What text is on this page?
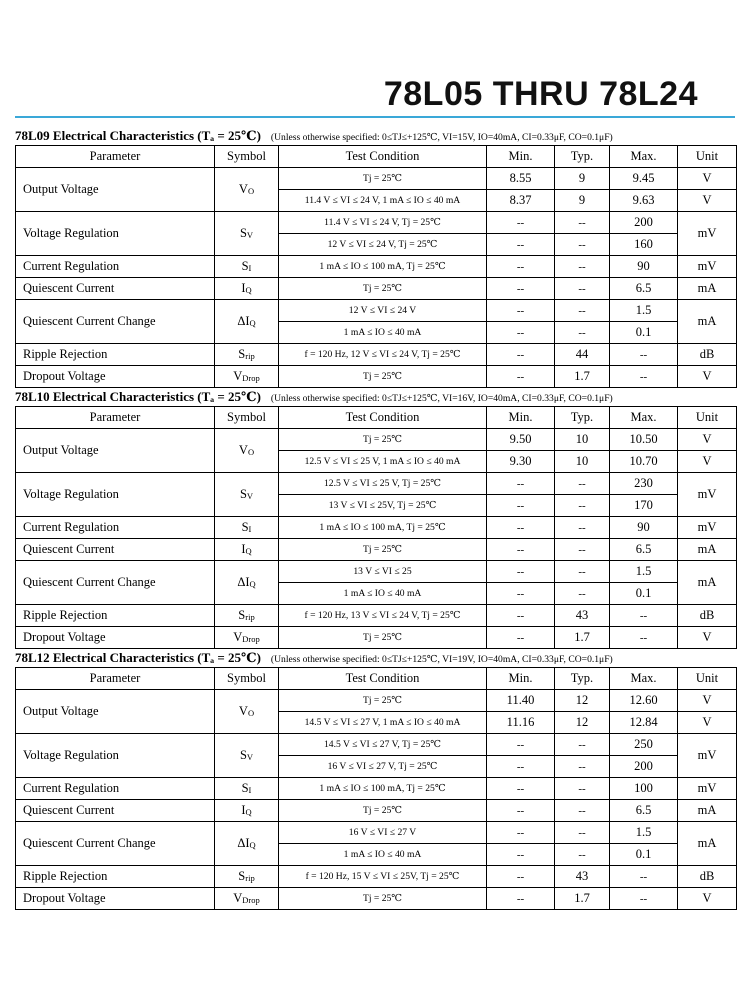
78L05 THRU 78L24
78L09 Electrical Characteristics (Tₐ = 25℃) (Unless otherwise specified: 0≤TJ≤+125℃, VI=15V, IO=40mA, CI=0.33μF, CO=0.1μF)
Parameter	Symbol	Test Condition	Min.	Typ.	Max.	Unit
Output Voltage	VO	Tj = 25℃	8.55	9	9.45	V
		11.4 V ≤ VI ≤ 24 V, 1 mA ≤ IO ≤ 40 mA	8.37	9	9.63	V
Voltage Regulation	SV	11.4 V ≤ VI ≤ 24 V, Tj = 25℃	--	--	200	mV
		12 V ≤ VI ≤ 24 V, Tj = 25℃	--	--	160	
Current Regulation	SI	1 mA ≤ IO ≤ 100 mA, Tj = 25℃	--	--	90	mV
Quiescent Current	IQ	Tj = 25℃	--	--	6.5	mA
Quiescent Current Change	ΔIQ	12 V ≤ VI ≤ 24 V	--	--	1.5	mA
		1 mA ≤ IO ≤ 40 mA	--	--	0.1	
Ripple Rejection	Srip	f = 120 Hz, 12 V ≤ VI ≤ 24 V, Tj = 25℃	--	44	--	dB
Dropout Voltage	VDrop	Tj = 25℃	--	1.7	--	V
78L10 Electrical Characteristics (Tₐ = 25℃) (Unless otherwise specified: 0≤TJ≤+125℃, VI=16V, IO=40mA, CI=0.33μF, CO=0.1μF)
Parameter	Symbol	Test Condition	Min.	Typ.	Max.	Unit
Output Voltage	VO	Tj = 25℃	9.50	10	10.50	V
		12.5 V ≤ VI ≤ 25 V, 1 mA ≤ IO ≤ 40 mA	9.30	10	10.70	V
Voltage Regulation	SV	12.5 V ≤ VI ≤ 25 V, Tj = 25℃	--	--	230	mV
		13 V ≤ VI ≤ 25V, Tj = 25℃	--	--	170	
Current Regulation	SI	1 mA ≤ IO ≤ 100 mA, Tj = 25℃	--	--	90	mV
Quiescent Current	IQ	Tj = 25℃	--	--	6.5	mA
Quiescent Current Change	ΔIQ	13 V ≤ VI ≤ 25	--	--	1.5	mA
		1 mA ≤ IO ≤ 40 mA	--	--	0.1	
Ripple Rejection	Srip	f = 120 Hz, 13 V ≤ VI ≤ 24 V, Tj = 25℃	--	43	--	dB
Dropout Voltage	VDrop	Tj = 25℃	--	1.7	--	V
78L12 Electrical Characteristics (Tₐ = 25℃) (Unless otherwise specified: 0≤TJ≤+125℃, VI=19V, IO=40mA, CI=0.33μF, CO=0.1μF)
Parameter	Symbol	Test Condition	Min.	Typ.	Max.	Unit
Output Voltage	VO	Tj = 25℃	11.40	12	12.60	V
		14.5 V ≤ VI ≤ 27 V, 1 mA ≤ IO ≤ 40 mA	11.16	12	12.84	V
Voltage Regulation	SV	14.5 V ≤ VI ≤ 27 V, Tj = 25℃	--	--	250	mV
		16 V ≤ VI ≤ 27 V, Tj = 25℃	--	--	200	
Current Regulation	SI	1 mA ≤ IO ≤ 100 mA, Tj = 25℃	--	--	100	mV
Quiescent Current	IQ	Tj = 25℃	--	--	6.5	mA
Quiescent Current Change	ΔIQ	16 V ≤ VI ≤ 27 V	--	--	1.5	mA
		1 mA ≤ IO ≤ 40 mA	--	--	0.1	
Ripple Rejection	Srip	f = 120 Hz, 15 V ≤ VI ≤ 25V, Tj = 25℃	--	43	--	dB
Dropout Voltage	VDrop	Tj = 25℃	--	1.7	--	V
